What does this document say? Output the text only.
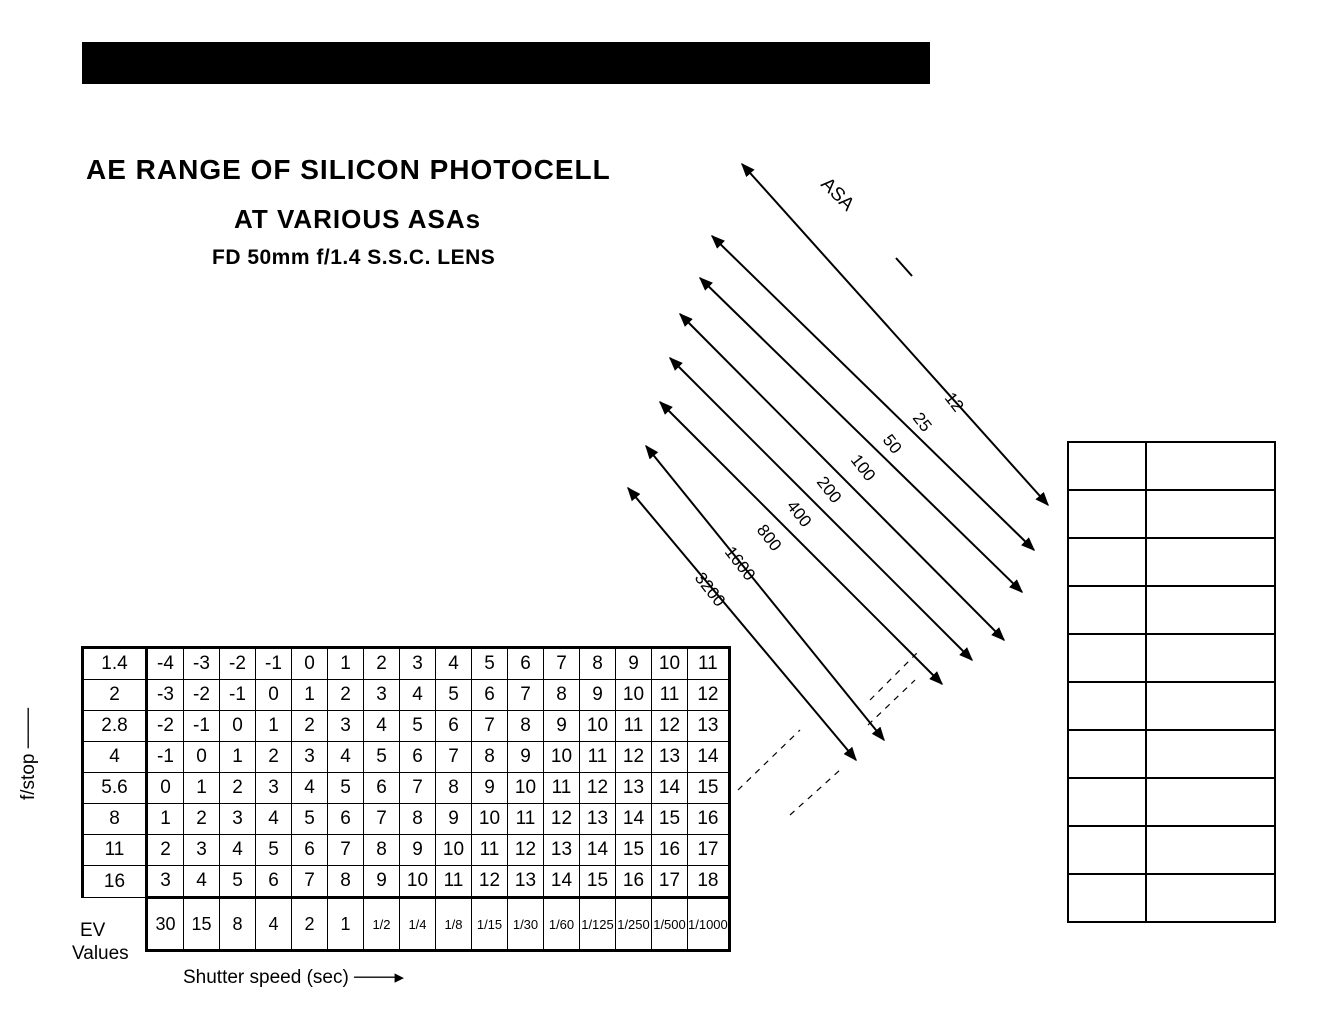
AE RANGE OF SILICON PHOTOCELL
AT VARIOUS ASAs
FD 50mm f/1.4 S.S.C. LENS
12
25
50
100
200
400
800
1600
3200
ASA
1.4	-4	-3	-2	-1	0	1	2	3	4	5	6	7	8	9	10	11
2	-3	-2	-1	0	1	2	3	4	5	6	7	8	9	10	11	12
2.8	-2	-1	0	1	2	3	4	5	6	7	8	9	10	11	12	13
4	-1	0	1	2	3	4	5	6	7	8	9	10	11	12	13	14
5.6	0	1	2	3	4	5	6	7	8	9	10	11	12	13	14	15
8	1	2	3	4	5	6	7	8	9	10	11	12	13	14	15	16
11	2	3	4	5	6	7	8	9	10	11	12	13	14	15	16	17
16	3	4	5	6	7	8	9	10	11	12	13	14	15	16	17	18
	30	15	8	4	2	1	1/2	1/4	1/8	1/15	1/30	1/60	1/125	1/250	1/500	1/1000
f/stop ───
EV
Values
Shutter speed (sec) ───▸
